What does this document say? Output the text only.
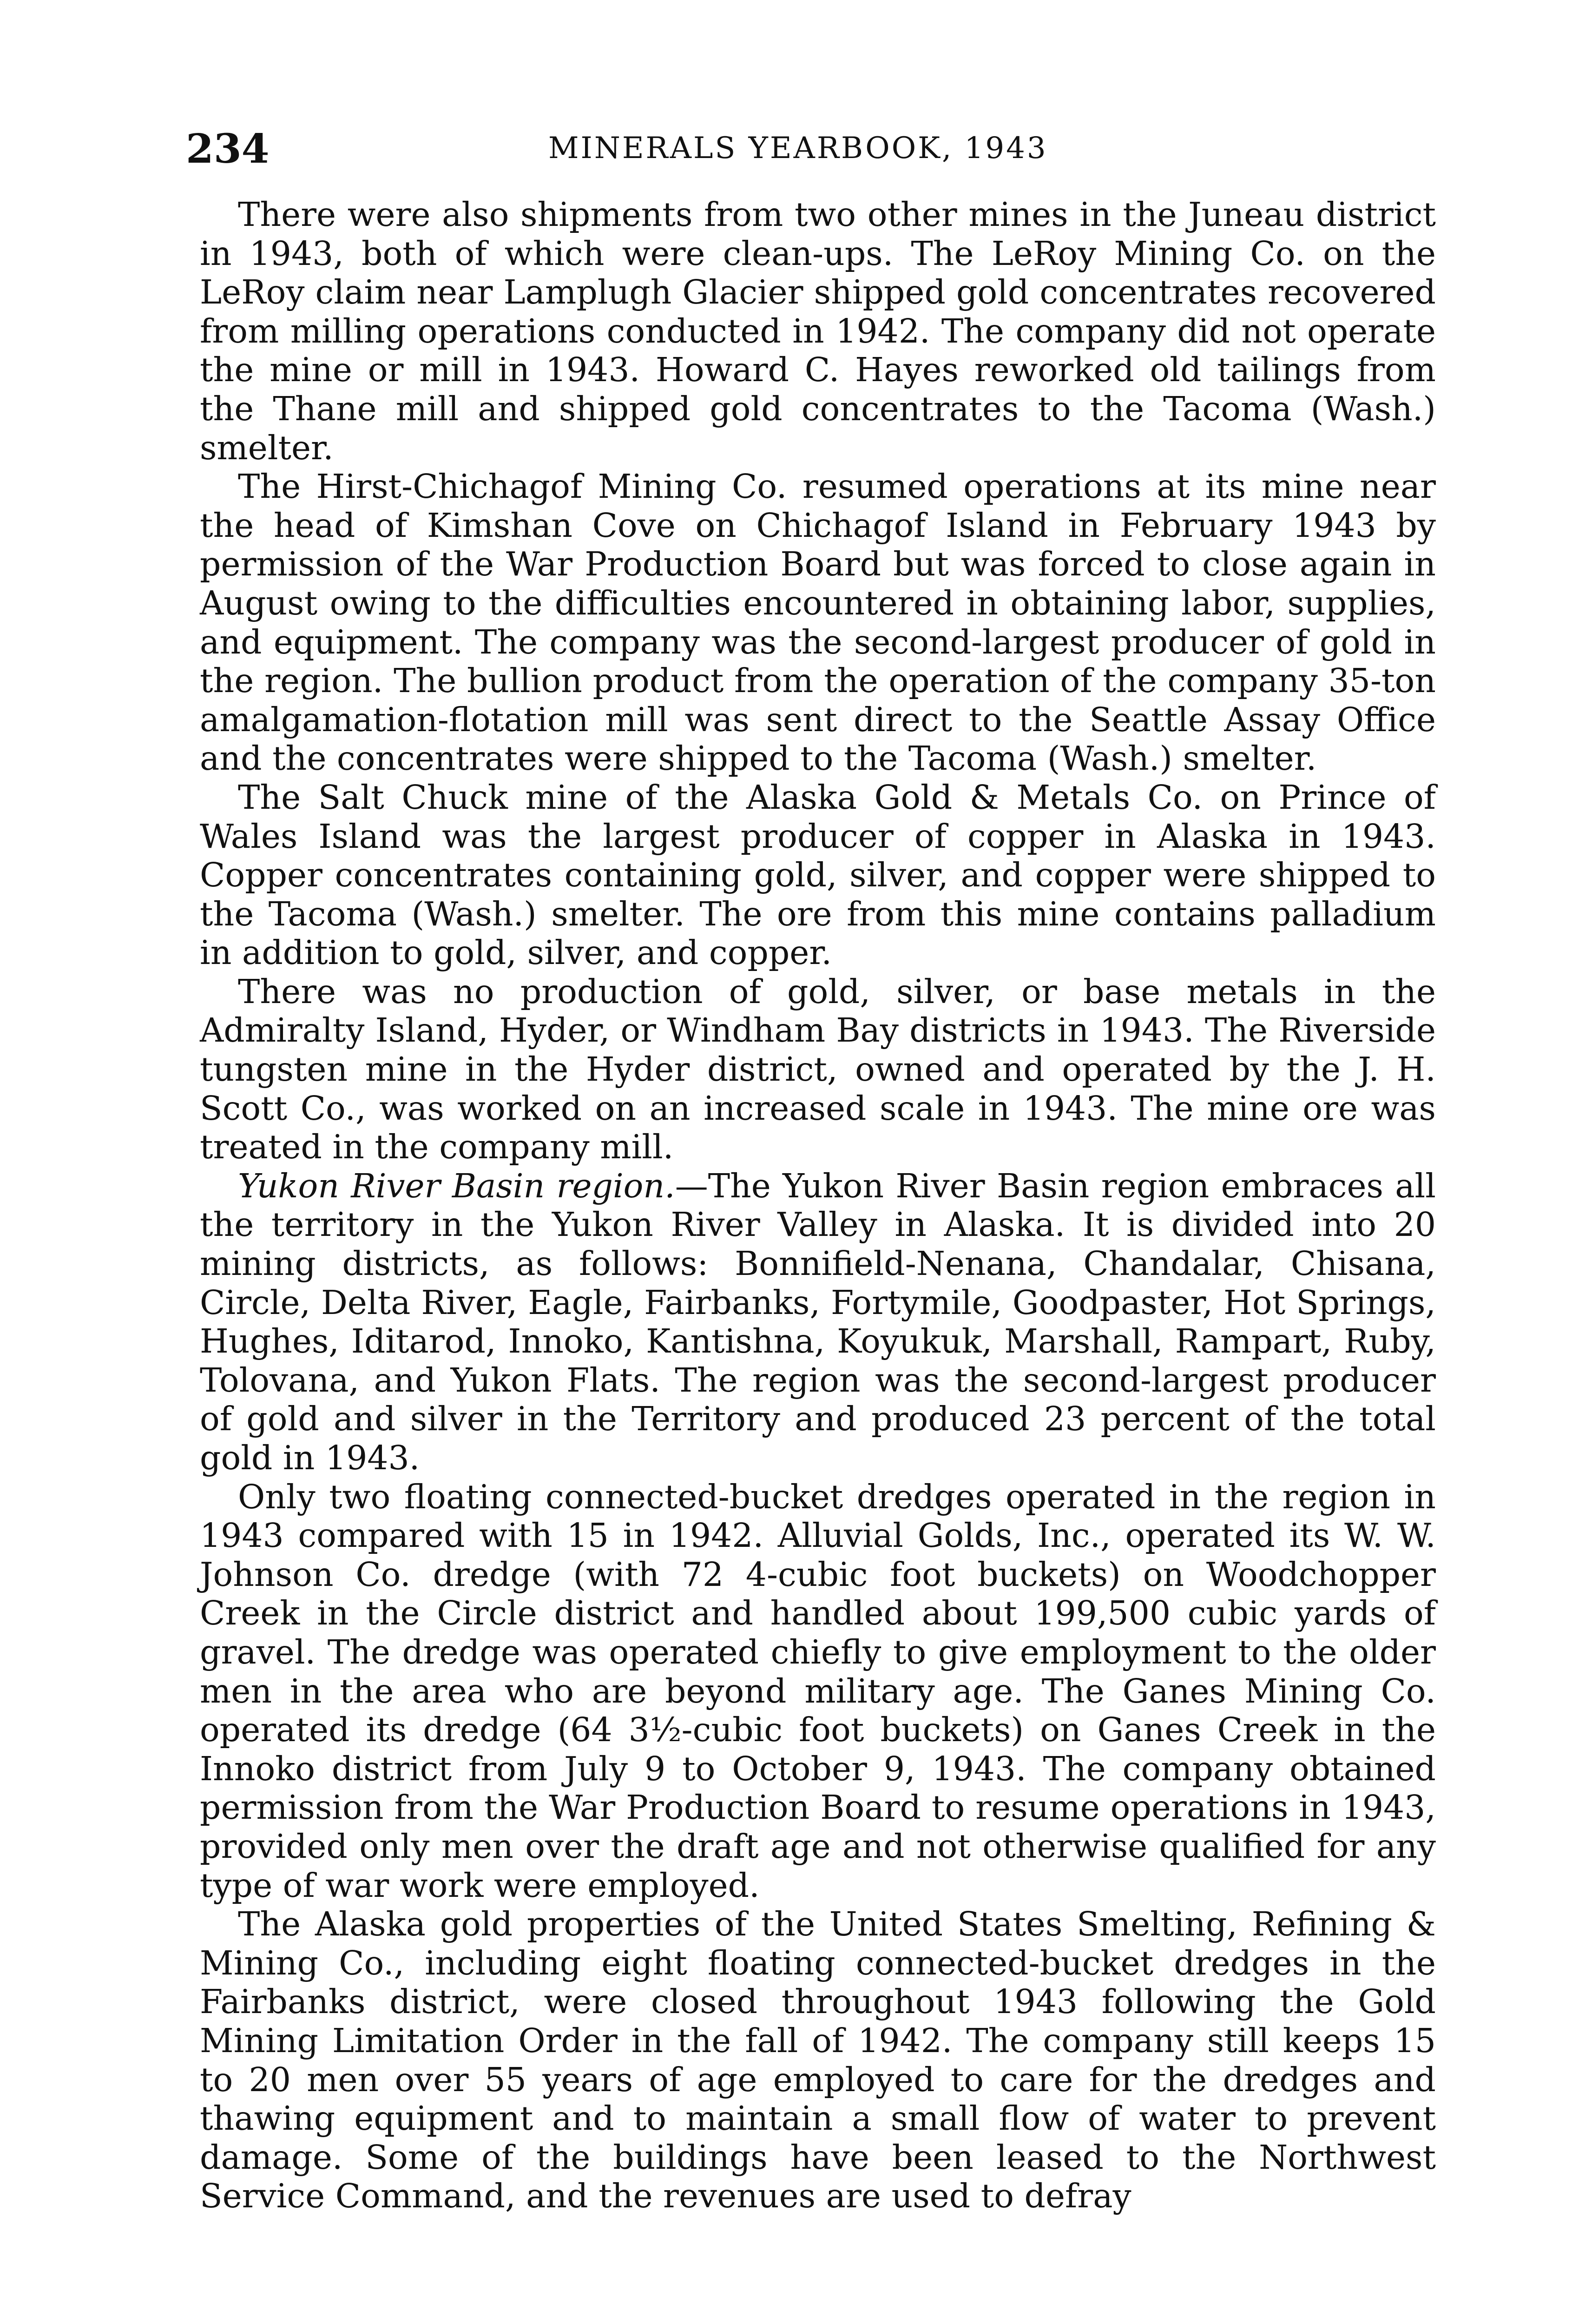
234	MINERALS YEARBOOK, 1943

There were also shipments from two other mines in the Juneau district in 1943, both of which were clean-ups. The LeRoy Mining Co. on the LeRoy claim near Lamplugh Glacier shipped gold concentrates recovered from milling operations conducted in 1942. The company did not operate the mine or mill in 1943. Howard C. Hayes reworked old tailings from the Thane mill and shipped gold concentrates to the Tacoma (Wash.) smelter.

The Hirst-Chichagof Mining Co. resumed operations at its mine near the head of Kimshan Cove on Chichagof Island in February 1943 by permission of the War Production Board but was forced to close again in August owing to the difficulties encountered in obtaining labor, supplies, and equipment. The company was the second-largest producer of gold in the region. The bullion product from the operation of the company 35-ton amalgamation-flotation mill was sent direct to the Seattle Assay Office and the concentrates were shipped to the Tacoma (Wash.) smelter.

The Salt Chuck mine of the Alaska Gold & Metals Co. on Prince of Wales Island was the largest producer of copper in Alaska in 1943. Copper concentrates containing gold, silver, and copper were shipped to the Tacoma (Wash.) smelter. The ore from this mine contains palladium in addition to gold, silver, and copper.

There was no production of gold, silver, or base metals in the Admiralty Island, Hyder, or Windham Bay districts in 1943. The Riverside tungsten mine in the Hyder district, owned and operated by the J. H. Scott Co., was worked on an increased scale in 1943. The mine ore was treated in the company mill.

Yukon River Basin region.—The Yukon River Basin region embraces all the territory in the Yukon River Valley in Alaska. It is divided into 20 mining districts, as follows: Bonnifield-Nenana, Chandalar, Chisana, Circle, Delta River, Eagle, Fairbanks, Fortymile, Goodpaster, Hot Springs, Hughes, Iditarod, Innoko, Kantishna, Koyukuk, Marshall, Rampart, Ruby, Tolovana, and Yukon Flats. The region was the second-largest producer of gold and silver in the Territory and produced 23 percent of the total gold in 1943.

Only two floating connected-bucket dredges operated in the region in 1943 compared with 15 in 1942. Alluvial Golds, Inc., operated its W. W. Johnson Co. dredge (with 72 4-cubic foot buckets) on Woodchopper Creek in the Circle district and handled about 199,500 cubic yards of gravel. The dredge was operated chiefly to give employment to the older men in the area who are beyond military age. The Ganes Mining Co. operated its dredge (64 3½-cubic foot buckets) on Ganes Creek in the Innoko district from July 9 to October 9, 1943. The company obtained permission from the War Production Board to resume operations in 1943, provided only men over the draft age and not otherwise qualified for any type of war work were employed.

The Alaska gold properties of the United States Smelting, Refining & Mining Co., including eight floating connected-bucket dredges in the Fairbanks district, were closed throughout 1943 following the Gold Mining Limitation Order in the fall of 1942. The company still keeps 15 to 20 men over 55 years of age employed to care for the dredges and thawing equipment and to maintain a small flow of water to prevent damage. Some of the buildings have been leased to the Northwest Service Command, and the revenues are used to defray
